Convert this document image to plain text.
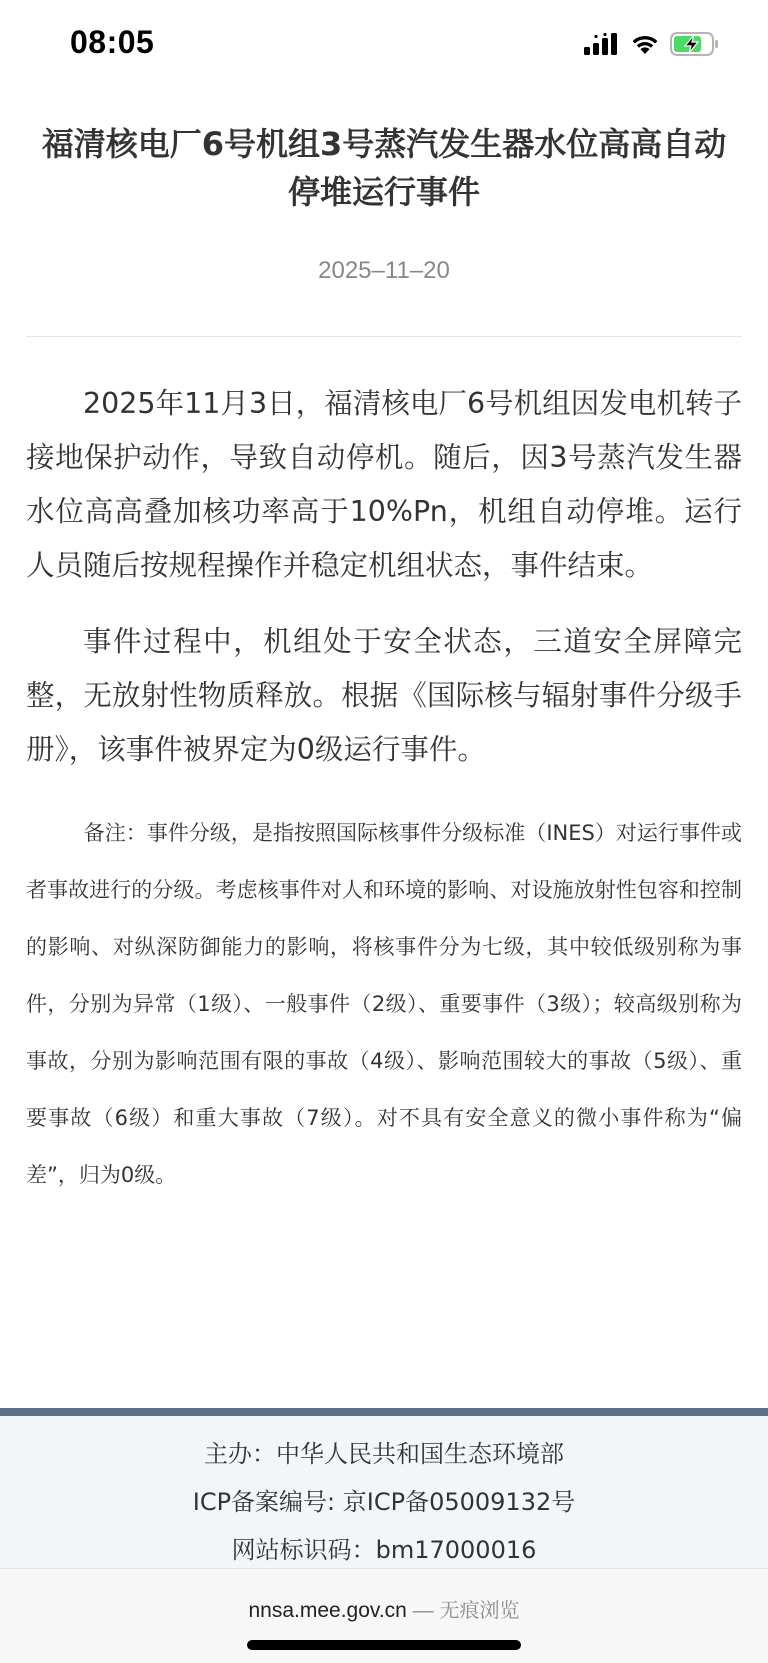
08:05
福清核电厂6号机组3号蒸汽发生器水位高高自动停堆运行事件
2025–11–20

2025年11月3日，福清核电厂6号机组因发电机转子接地保护动作，导致自动停机。随后，因3号蒸汽发生器水位高高叠加核功率高于10%Pn，机组自动停堆。运行人员随后按规程操作并稳定机组状态，事件结束。

事件过程中，机组处于安全状态，三道安全屏障完整，无放射性物质释放。根据《国际核与辐射事件分级手册》，该事件被界定为0级运行事件。

备注：事件分级，是指按照国际核事件分级标准（INES）对运行事件或者事故进行的分级。考虑核事件对人和环境的影响、对设施放射性包容和控制的影响、对纵深防御能力的影响，将核事件分为七级，其中较低级别称为事件，分别为异常（1级）、一般事件（2级）、重要事件（3级）；较高级别称为事故，分别为影响范围有限的事故（4级）、影响范围较大的事故（5级）、重要事故（6级）和重大事故（7级）。对不具有安全意义的微小事件称为“偏差”，归为0级。

主办：中华人民共和国生态环境部
ICP备案编号: 京ICP备05009132号
网站标识码：bm17000016
nnsa.mee.gov.cn — 无痕浏览
